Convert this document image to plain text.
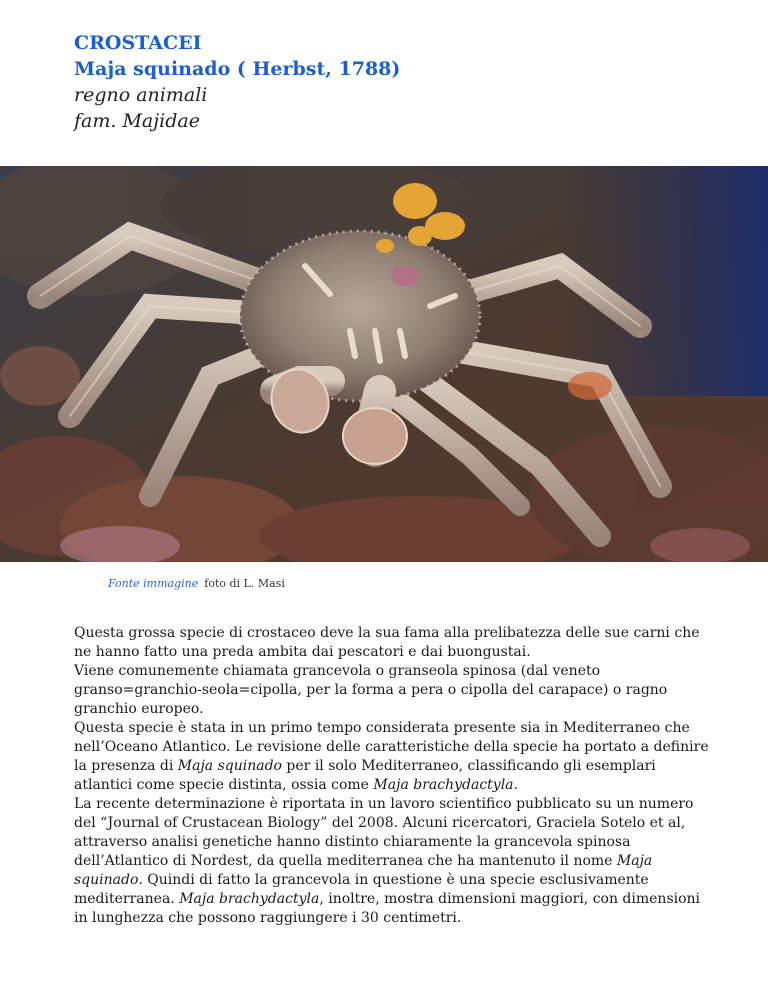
CROSTACEI
Maja squinado ( Herbst, 1788)
regno animali
fam. Majidae
Fonte immagine foto di L. Masi

Questa grossa specie di crostaceo deve la sua fama alla prelibatezza delle sue carni che ne hanno fatto una preda ambita dai pescatori e dai buongustai.

Viene comunemente chiamata grancevola o granseola spinosa (dal veneto granso=granchio-seola=cipolla, per la forma a pera o cipolla del carapace) o ragno granchio europeo.

Questa specie è stata in un primo tempo considerata presente sia in Mediterraneo che nell’Oceano Atlantico. Le revisione delle caratteristiche della specie ha portato a definire la presenza di Maja squinado per il solo Mediterraneo, classificando gli esemplari atlantici come specie distinta, ossia come Maja brachydactyla.

La recente determinazione è riportata in un lavoro scientifico pubblicato su un numero del “Journal of Crustacean Biology” del 2008. Alcuni ricercatori, Graciela Sotelo et al, attraverso analisi genetiche hanno distinto chiaramente la grancevola spinosa dell’Atlantico di Nordest, da quella mediterranea che ha mantenuto il nome Maja squinado. Quindi di fatto la grancevola in questione è una specie esclusivamente mediterranea. Maja brachydactyla, inoltre, mostra dimensioni maggiori, con dimensioni in lunghezza che possono raggiungere i 30 centimetri.
